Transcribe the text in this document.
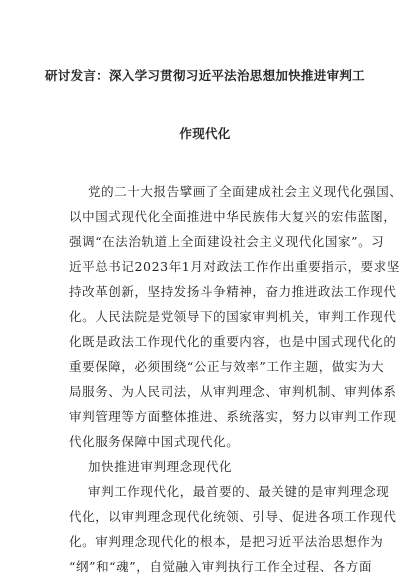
研讨发言：深入学习贯彻习近平法治思想加快推进审判工
作现代化
党的二十大报告擘画了全面建成社会主义现代化强国、
以中国式现代化全面推进中华民族伟大复兴的宏伟蓝图，
强调“在法治轨道上全面建设社会主义现代化国家”。习
近平总书记2023年1月对政法工作作出重要指示，要求坚
持改革创新，坚持发扬斗争精神，奋力推进政法工作现代
化。人民法院是党领导下的国家审判机关，审判工作现代
化既是政法工作现代化的重要内容，也是中国式现代化的
重要保障，必须围绕“公正与效率”工作主题，做实为大
局服务、为人民司法，从审判理念、审判机制、审判体系
审判管理等方面整体推进、系统落实，努力以审判工作现
代化服务保障中国式现代化。
加快推进审判理念现代化
审判工作现代化，最首要的、最关键的是审判理念现
代化，以审判理念现代化统领、引导、促进各项工作现代
化。审判理念现代化的根本，是把习近平法治思想作为
“纲”和“魂”，自觉融入审判执行工作全过程、各方面
